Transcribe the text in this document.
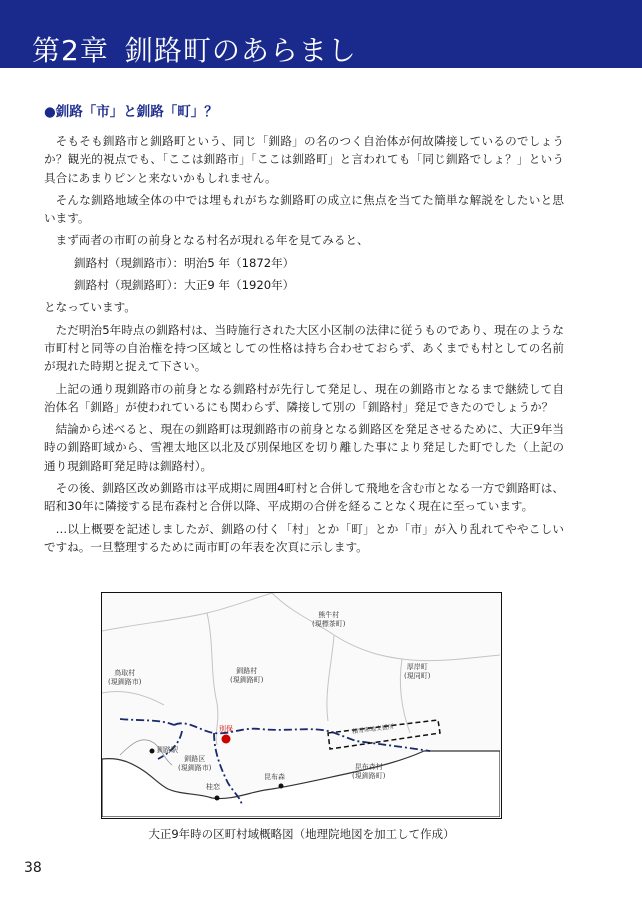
第2章 釧路町のあらまし
●釧路「市」と釧路「町」？

そもそも釧路市と釧路町という、同じ「釧路」の名のつく自治体が何故隣接しているのでしょうか？観光的視点でも、「ここは釧路市」「ここは釧路町」と言われても「同じ釧路でしょ？」という具合にあまりピンと来ないかもしれません。

そんな釧路地域全体の中では埋もれがちな釧路町の成立に焦点を当てた簡単な解説をしたいと思います。

まず両者の市町の前身となる村名が現れる年を見てみると、

釧路村（現釧路市）：明治5 年（1872年）

釧路村（現釧路町）：大正9 年（1920年）

となっています。

ただ明治5年時点の釧路村は、当時施行された大区小区制の法律に従うものであり、現在のような市町村と同等の自治権を持つ区域としての性格は持ち合わせておらず、あくまでも村としての名前が現れた時期と捉えて下さい。

上記の通り現釧路市の前身となる釧路村が先行して発足し、現在の釧路市となるまで継続して自治体名「釧路」が使われているにも関わらず、隣接して別の「釧路村」発足できたのでしょうか？

結論から述べると、現在の釧路町は現釧路市の前身となる釧路区を発足させるために、大正9年当時の釧路町域から、雪裡太地区以北及び別保地区を切り離した事により発足した町でした（上記の通り現釧路町発足時は釧路村）。

その後、釧路区改め釧路市は平成期に周囲4町村と合併して飛地を含む市となる一方で釧路町は、昭和30年に隣接する昆布森村と合併以降、平成期の合併を経ることなく現在に至っています。

…以上概要を記述しましたが、釧路の付く「村」とか「町」とか「市」が入り乱れてややこしいですね。一旦整理するために両市町の年表を次頁に示します。

熊牛村
(現標茶町)
鳥取村
(現釧路市)
釧路村
(現釧路町)
厚岸町
(現同町)
別保	積雪寒地支援所
釧路駅
釧路区
(現釧路市)	昆布森村
(現釧路町)
昆布森
桂恋
大正9年時の区町村域概略図（地理院地図を加工して作成）
38
